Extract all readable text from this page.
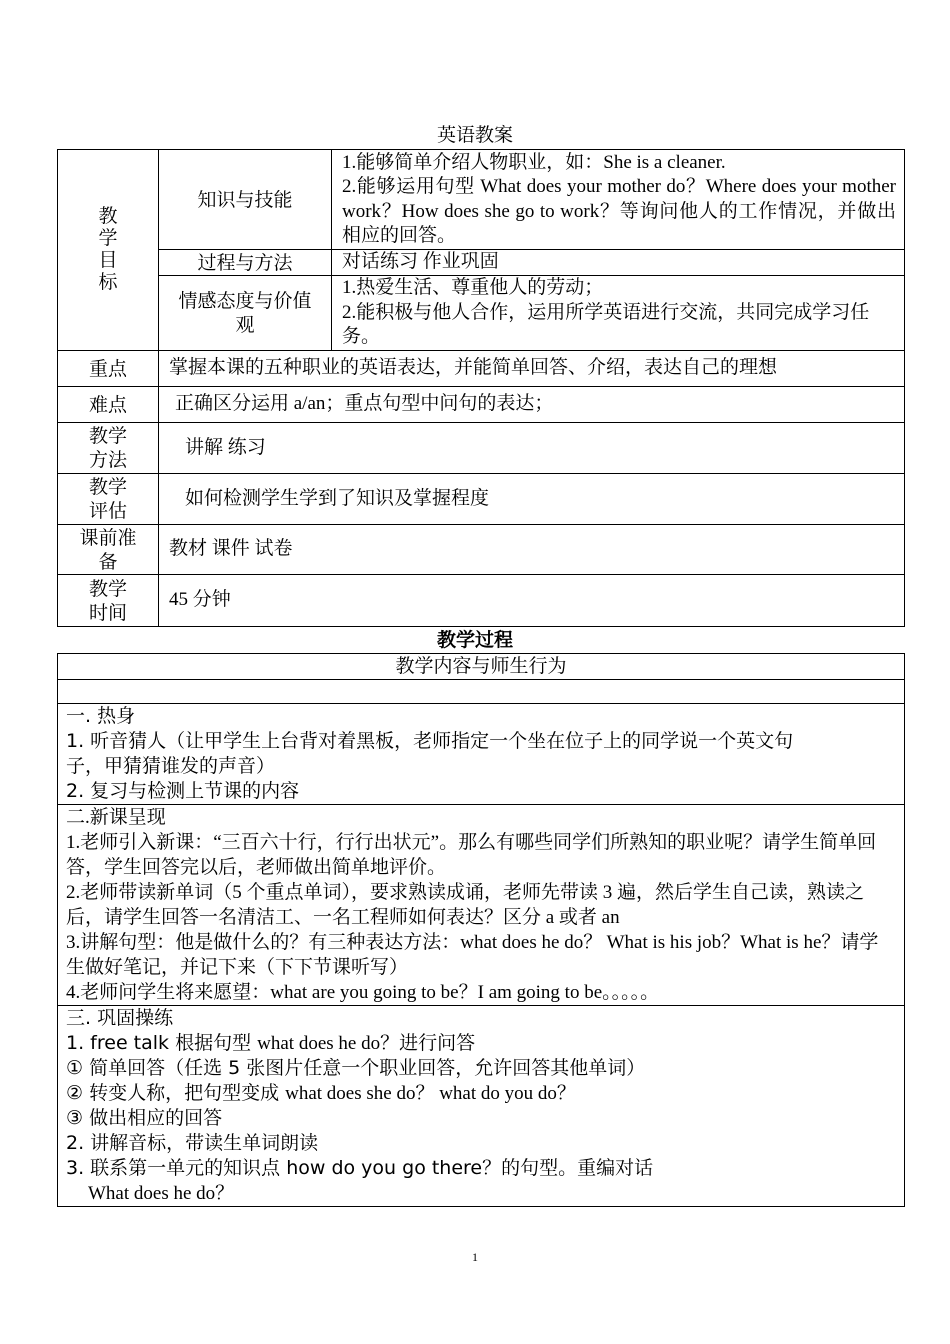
英语教案
教学目标	知识与技能	1.能够简单介绍人物职业，如：She is a cleaner.
2.能够运用句型 What does your mother do？Where does your mother work？How does she go to work？等询问他人的工作情况，并做出相应的回答。

	过程与方法	对话练习 作业巩固

	情感态度与价值观	1.热爱生活、尊重他人的劳动；
2.能积极与他人合作，运用所学英语进行交流，共同完成学习任务。

重点	掌握本课的五种职业的英语表达，并能简单回答、介绍，表达自己的理想	
难点	正确区分运用 a/an；重点句型中问句的表达；	

教学方法	讲解 练习	

教学评估	如何检测学生学到了知识及掌握程度	

课前准备	教材 课件 试卷	

教学时间	45 分钟	
教学过程
教学内容与师生行为

一. 热身
1. 听音猜人（让甲学生上台背对着黑板，老师指定一个坐在位子上的同学说一个英文句子，甲猜猜谁发的声音）
2. 复习与检测上节课的内容

二.新课呈现
1.老师引入新课：“三百六十行，行行出状元”。那么有哪些同学们所熟知的职业呢？请学生简单回答，学生回答完以后，老师做出简单地评价。
2.老师带读新单词（5 个重点单词），要求熟读成诵，老师先带读 3 遍，然后学生自己读，熟读之后，请学生回答一名清洁工、一名工程师如何表达？区分 a 或者 an
3.讲解句型：他是做什么的？有三种表达方法：what does he do？ What is his job？What is he？请学生做好笔记，并记下来（下下节课听写）
4.老师问学生将来愿望：what are you going to be？I am going to be。。。。。

三. 巩固操练
1. free talk 根据句型 what does he do？进行问答
① 简单回答（任选 5 张图片任意一个职业回答，允许回答其他单词）
② 转变人称，把句型变成 what does she do？ what do you do？
③ 做出相应的回答
2. 讲解音标，带读生单词朗读
3. 联系第一单元的知识点 how do you go there？的句型。重编对话
What does he do？
1
